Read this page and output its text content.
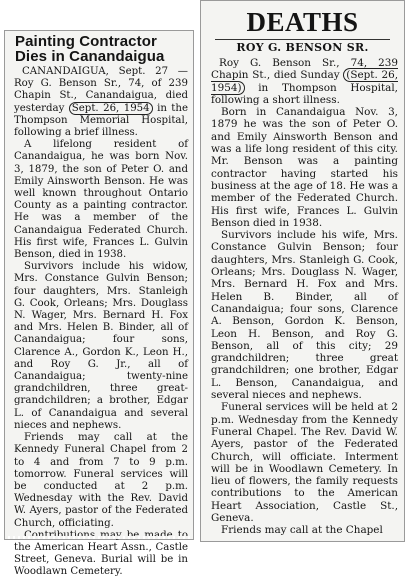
Painting Contractor
Dies in Canandaigua

CANANDAIGUA, Sept. 27 — Roy G. Benson Sr., 74, of 239 Chapin St., Canandaigua, died yesterday Sept. 26, 1954 in the Thompson Memorial Hospital, following a brief illness.

A lifelong resident of Canandaigua, he was born Nov. 3, 1879, the son of Peter O. and Emily Ainsworth Benson. He was well known throughout Ontario County as a painting contractor. He was a member of the Canandaigua Federated Church. His first wife, Frances L. Gulvin Benson, died in 1938.

Survivors include his widow, Mrs. Constance Gulvin Benson; four daughters, Mrs. Stanleigh G. Cook, Orleans; Mrs. Douglass N. Wager, Mrs. Bernard H. Fox and Mrs. Helen B. Binder, all of Canandaigua; four sons, Clarence A., Gordon K., Leon H., and Roy G. Jr., all of Canandaigua; twenty-nine grandchildren, three great-grandchildren; a brother, Edgar L. of Canandaigua and several nieces and nephews.

Friends may call at the Kennedy Funeral Chapel from 2 to 4 and from 7 to 9 p.m. tomorrow. Funeral services will be conducted at 2 p.m. Wednesday with the Rev. David W. Ayers, pastor of the Federated Church, officiating.

the American Heart Assn., Castle Street, Geneva. Burial will be in Woodlawn Cemetery.

DEATHS
ROY G. BENSON SR.

Roy G. Benson Sr., 74, 239 Chapin St., died Sunday (Sept. 26, 1954) in Thompson Hospital, following a short illness.

Born in Canandaigua Nov. 3, 1879 he was the son of Peter O. and Emily Ainsworth Benson and was a life long resident of this city. Mr. Benson was a painting contractor having started his business at the age of 18. He was a member of the Federated Church. His first wife, Frances L. Gulvin Benson died in 1938.

Survivors include his wife, Mrs. Constance Gulvin Benson; four daughters, Mrs. Stanleigh G. Cook, Orleans; Mrs. Douglass N. Wager, Mrs. Bernard H. Fox and Mrs. Helen B. Binder, all of Canandaigua; four sons, Clarence A. Benson, Gordon K. Benson, Leon H. Benson, and Roy G. Benson, all of this city; 29 grandchildren; three great grandchildren; one brother, Edgar L. Benson, Canandaigua, and several nieces and nephews.

Funeral services will be held at 2 p.m. Wednesday from the Kennedy Funeral Chapel. The Rev. David W. Ayers, pastor of the Federated Church, will officiate. Interment will be in Woodlawn Cemetery. In lieu of flowers, the family requests contributions to the American Heart Association, Castle St., Geneva.

Friends may call at the Chapel
